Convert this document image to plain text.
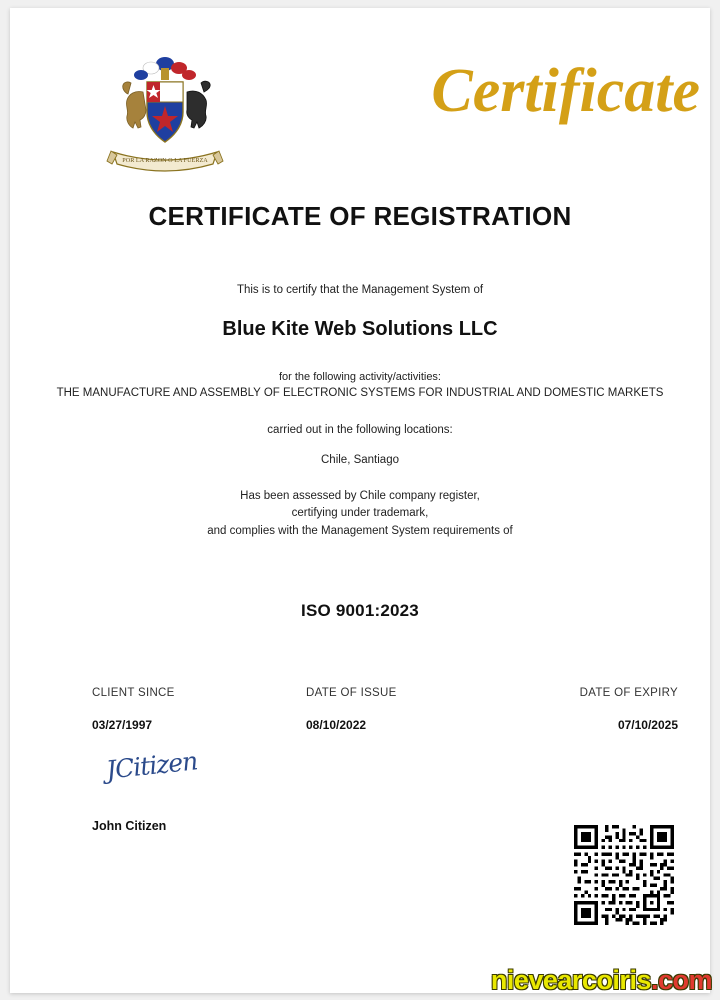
POR LA RAZON O LA FUERZA
Certificate
CERTIFICATE OF REGISTRATION
This is to certify that the Management System of
Blue Kite Web Solutions LLC
for the following activity/activities:
THE MANUFACTURE AND ASSEMBLY OF ELECTRONIC SYSTEMS FOR INDUSTRIAL AND DOMESTIC MARKETS
carried out in the following locations:
Chile, Santiago
Has been assessed by Chile company register,
certifying under trademark,
and complies with the Management System requirements of
ISO 9001:2023
CLIENT SINCE
03/27/1997
DATE OF ISSUE
08/10/2022
DATE OF EXPIRY
07/10/2025
JCitizen
John Citizen
nievearcoiris.com
